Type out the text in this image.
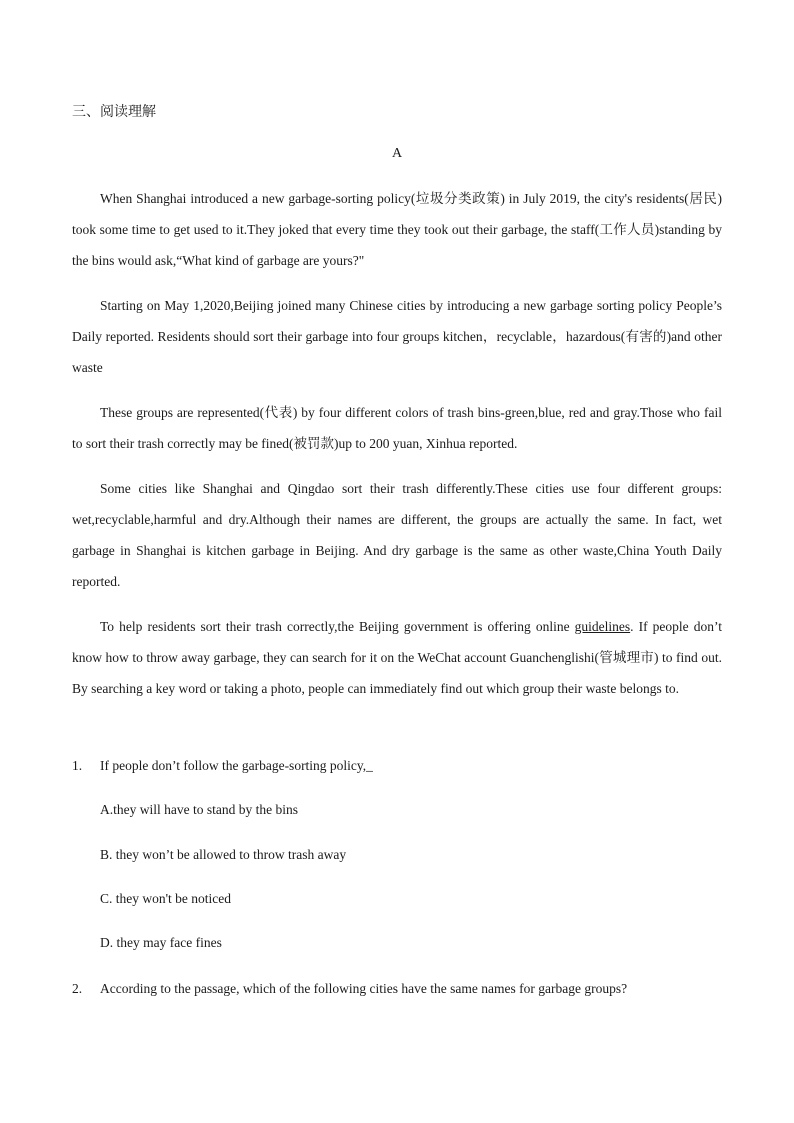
三、阅读理解
A

When Shanghai introduced a new garbage-sorting policy(垃圾分类政策) in July 2019, the city's residents(居民) took some time to get used to it.They joked that every time they took out their garbage, the staff(工作人员)standing by the bins would ask,“What kind of garbage are yours?"

Starting on May 1,2020,Beijing joined many Chinese cities by introducing a new garbage sorting policy People’s Daily reported. Residents should sort their garbage into four groups kitchen，recyclable，hazardous(有害的)and other waste

These groups are represented(代表) by four different colors of trash bins-green,blue, red and gray.Those who fail to sort their trash correctly may be fined(被罚款)up to 200 yuan, Xinhua reported.

Some cities like Shanghai and Qingdao sort their trash differently.These cities use four different groups: wet,recyclable,harmful and dry.Although their names are different, the groups are actually the same. In fact, wet garbage in Shanghai is kitchen garbage in Beijing. And dry garbage is the same as other waste,China Youth Daily reported.

To help residents sort their trash correctly,the Beijing government is offering online guidelines. If people don’t know how to throw away garbage, they can search for it on the WeChat account Guanchenglishi(管城理市) to find out. By searching a key word or taking a photo, people can immediately find out which group their waste belongs to.

1. If people don’t follow the garbage-sorting policy,_
A.they will have to stand by the bins
B. they won’t be allowed to throw trash away
C. they won't be noticed
D. they may face fines
2. According to the passage, which of the following cities have the same names for garbage groups?
